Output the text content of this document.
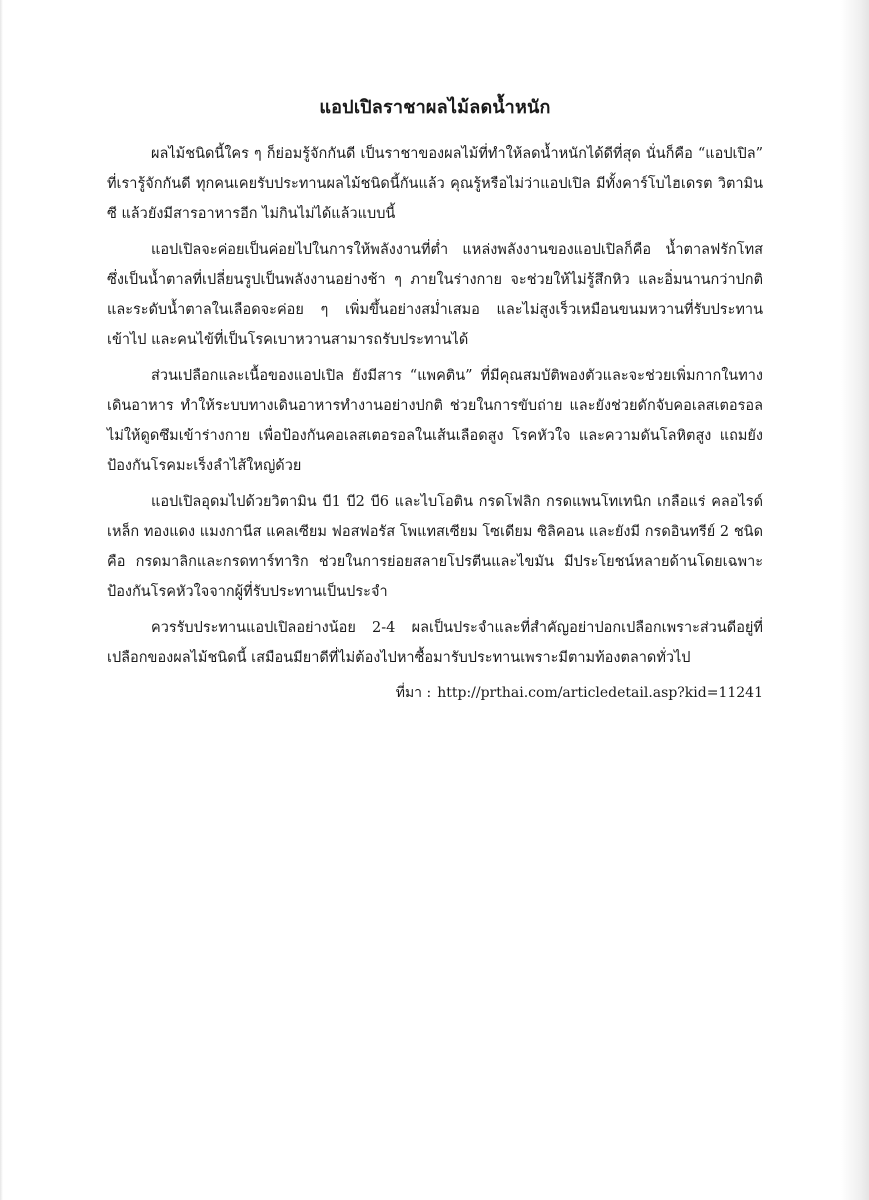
แอปเปิลราชาผลไม้ลดน้ำหนัก

ผลไม้ชนิดนี้ใคร ๆ ก็ย่อมรู้จักกันดี เป็นราชาของผลไม้ที่ทำให้ลดน้ำหนักได้ดีที่สุด นั่นก็คือ “แอปเปิล” ที่เรารู้จักกันดี ทุกคนเคยรับประทานผลไม้ชนิดนี้กันแล้ว คุณรู้หรือไม่ว่าแอปเปิล มีทั้งคาร์โบไฮเดรต วิตามินซี แล้วยังมีสารอาหารอีก ไม่กินไม่ได้แล้วแบบนี้

แอปเปิลจะค่อยเป็นค่อยไปในการให้พลังงานที่ต่ำ แหล่งพลังงานของแอปเปิลก็คือ น้ำตาลฟรักโทส ซึ่งเป็นน้ำตาลที่เปลี่ยนรูปเป็นพลังงานอย่างช้า ๆ ภายในร่างกาย จะช่วยให้ไม่รู้สึกหิว และอิ่มนานกว่าปกติ และระดับน้ำตาลในเลือดจะค่อย ๆ เพิ่มขึ้นอย่างสม่ำเสมอ และไม่สูงเร็วเหมือนขนมหวานที่รับประทานเข้าไป และคนไข้ที่เป็นโรคเบาหวานสามารถรับประทานได้

ส่วนเปลือกและเนื้อของแอปเปิล ยังมีสาร “แพคติน” ที่มีคุณสมบัติพองตัวและจะช่วยเพิ่มกากในทางเดินอาหาร ทำให้ระบบทางเดินอาหารทำงานอย่างปกติ ช่วยในการขับถ่าย และยังช่วยดักจับคอเลสเตอรอลไม่ให้ดูดซึมเข้าร่างกาย เพื่อป้องกันคอเลสเตอรอลในเส้นเลือดสูง โรคหัวใจ และความดันโลหิตสูง แถมยังป้องกันโรคมะเร็งลำไส้ใหญ่ด้วย

แอปเปิลอุดมไปด้วยวิตามิน บี1 บี2 บี6 และไบโอติน กรดโฟลิก กรดแพนโทเทนิก เกลือแร่ คลอไรด์ เหล็ก ทองแดง แมงกานีส แคลเซียม ฟอสฟอรัส โพแทสเซียม โซเดียม ซิลิคอน และยังมี กรดอินทรีย์ 2 ชนิด คือ กรดมาลิกและกรดทาร์ทาริก ช่วยในการย่อยสลายโปรตีนและไขมัน มีประโยชน์หลายด้านโดยเฉพาะป้องกันโรคหัวใจจากผู้ที่รับประทานเป็นประจำ

ควรรับประทานแอปเปิลอย่างน้อย 2-4 ผลเป็นประจำและที่สำคัญอย่าปอกเปลือกเพราะส่วนดีอยู่ที่เปลือกของผลไม้ชนิดนี้ เสมือนมียาดีที่ไม่ต้องไปหาซื้อมารับประทานเพราะมีตามท้องตลาดทั่วไป

ที่มา : http://prthai.com/articledetail.asp?kid=11241
